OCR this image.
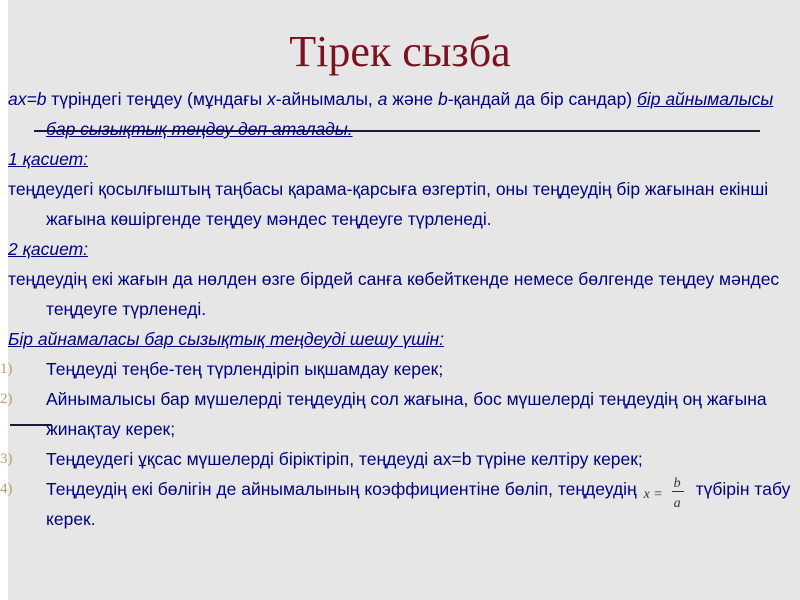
Тірек сызба

ax=b түріндегі теңдеу (мұндағы x-айнымалы, a және b-қандай да бір сандар) бір айнымалысы бар сызықтық теңдеу деп аталады.

1 қасиет:

теңдеудегі қосылғыштың таңбасы қарама-қарсыға өзгертіп, оны теңдеудің бір жағынан екінші жағына көшіргенде теңдеу мәндес теңдеуге түрленеді.

2 қасиет:

теңдеудің екі жағын да нөлден өзге бірдей санға көбейткенде немесе бөлгенде теңдеу мәндес теңдеуге түрленеді.

Бір айнамаласы бар сызықтық теңдеуді шешу үшін:

1)	Теңдеуді теңбе-тең түрлендіріп ықшамдау керек;
2)	Айнымалысы бар мүшелерді теңдеудің сол жағына, бос мүшелерді теңдеудің оң жағына жинақтау керек;
3)	Теңдеудегі ұқсас мүшелерді біріктіріп, теңдеуді ax=b түріне келтіру керек;
4)	Теңдеудің екі бөлігін де айнымалының коэффициентіне бөліп, теңдеудің x =
b
a
түбірін табу керек.
